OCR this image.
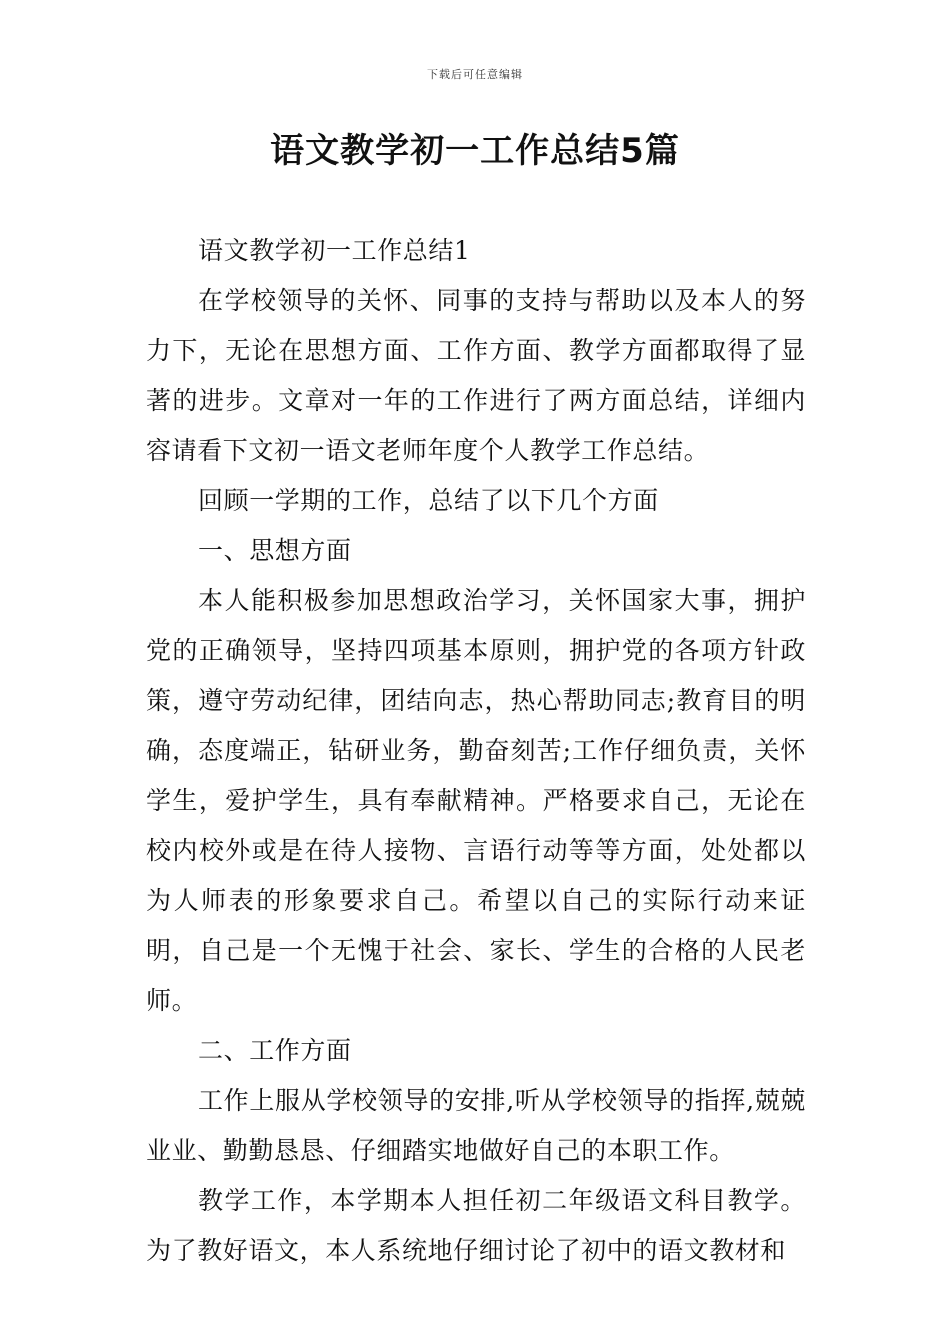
下载后可任意编辑
语文教学初一工作总结5篇

语文教学初一工作总结1

在学校领导的关怀、同事的支持与帮助以及本人的努力下，无论在思想方面、工作方面、教学方面都取得了显著的进步。文章对一年的工作进行了两方面总结，详细内容请看下文初一语文老师年度个人教学工作总结。

回顾一学期的工作，总结了以下几个方面

一、思想方面

本人能积极参加思想政治学习，关怀国家大事，拥护党的正确领导，坚持四项基本原则，拥护党的各项方针政策，遵守劳动纪律，团结向志，热心帮助同志;教育目的明确，态度端正，钻研业务，勤奋刻苦;工作仔细负责，关怀学生，爱护学生，具有奉献精神。严格要求自己，无论在校内校外或是在待人接物、言语行动等等方面，处处都以为人师表的形象要求自己。希望以自己的实际行动来证明，自己是一个无愧于社会、家长、学生的合格的人民老师。

二、工作方面

工作上服从学校领导的安排,听从学校领导的指挥,兢兢业业、勤勤恳恳、仔细踏实地做好自己的本职工作。

教学工作，本学期本人担任初二年级语文科目教学。为了教好语文，本人系统地仔细讨论了初中的语文教材和
